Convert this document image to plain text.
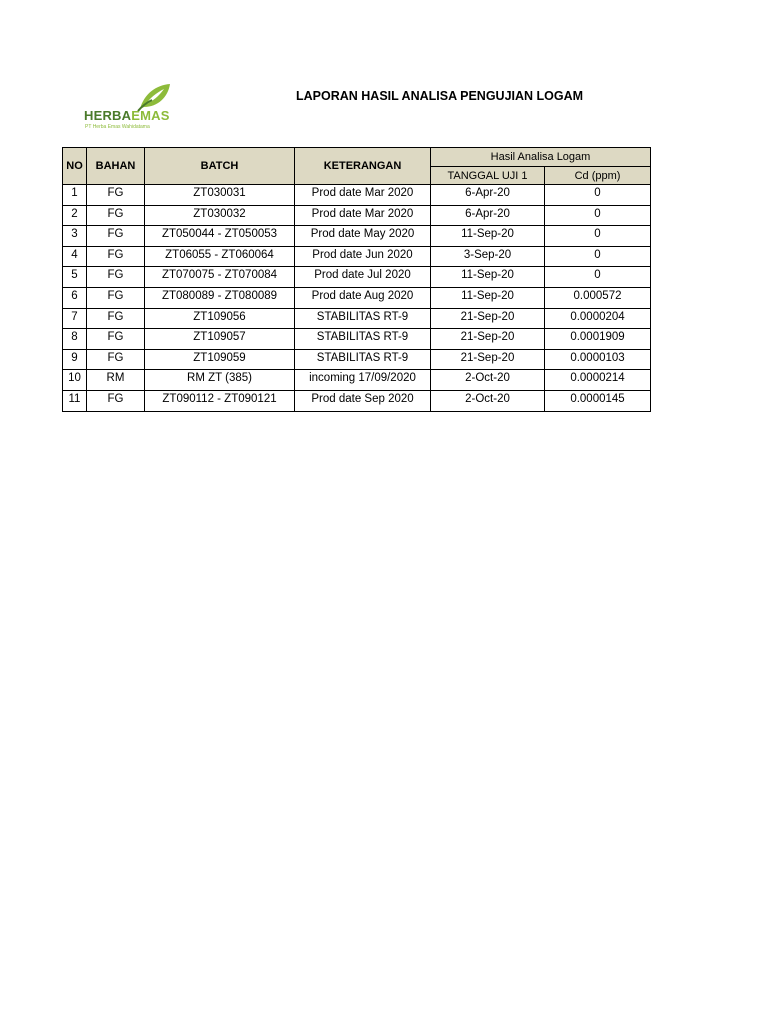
HERBAEMAS
PT Herba Emas Wahidatama
LAPORAN HASIL ANALISA PENGUJIAN LOGAM
NO	BAHAN	BATCH	KETERANGAN	Hasil Analisa Logam	
				TANGGAL UJI 1	Cd (ppm)
1	FG	ZT030031	Prod date Mar 2020	6-Apr-20	0
2	FG	ZT030032	Prod date Mar 2020	6-Apr-20	0
3	FG	ZT050044 - ZT050053	Prod date May 2020	11-Sep-20	0
4	FG	ZT06055 - ZT060064	Prod date Jun 2020	3-Sep-20	0
5	FG	ZT070075 - ZT070084	Prod date Jul 2020	11-Sep-20	0
6	FG	ZT080089 - ZT080089	Prod date Aug 2020	11-Sep-20	0.000572
7	FG	ZT109056	STABILITAS RT-9	21-Sep-20	0.0000204
8	FG	ZT109057	STABILITAS RT-9	21-Sep-20	0.0001909
9	FG	ZT109059	STABILITAS RT-9	21-Sep-20	0.0000103
10	RM	RM ZT (385)	incoming 17/09/2020	2-Oct-20	0.0000214
11	FG	ZT090112 - ZT090121	Prod date Sep 2020	2-Oct-20	0.0000145
